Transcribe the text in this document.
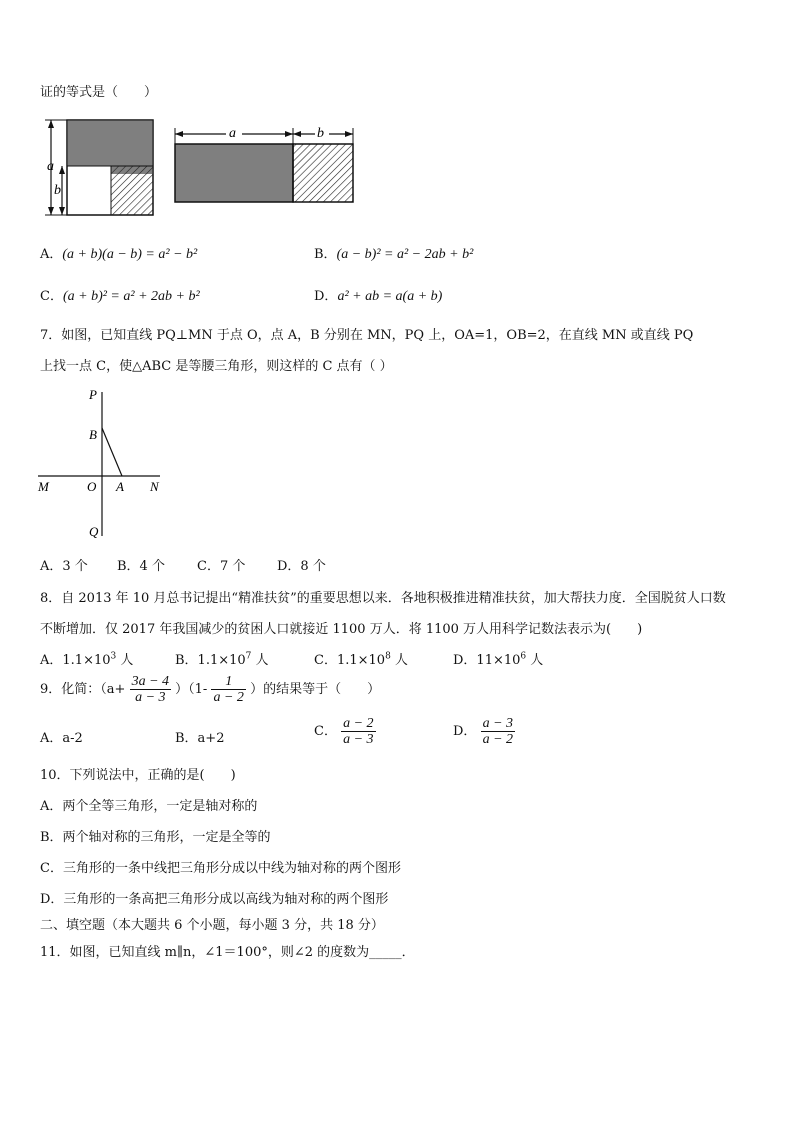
证的等式是（　　）
a
b
a	b
A．(a + b)(a − b) = a² − b²	B．(a − b)² = a² − 2ab + b²
C．(a + b)² = a² + 2ab + b²	D．a² + ab = a(a + b)
7．如图，已知直线 PQ⊥MN 于点 O，点 A，B 分别在 MN，PQ 上，OA=1，OB=2，在直线 MN 或直线 PQ
上找一点 C，使△ABC 是等腰三角形，则这样的 C 点有（ ）
P
B
M	O A N
Q
A．3 个 B．4 个 C．7 个 D．8 个
8．自 2013 年 10 月总书记提出“精准扶贫”的重要思想以来．各地积极推进精准扶贫，加大帮扶力度．全国脱贫人口数
不断增加．仅 2017 年我国减少的贫困人口就接近 1100 万人．将 1100 万人用科学记数法表示为(　　)
A．$1.1\times 10^3$ 人	B．$1.1\times 10^7$ 人	C．$1.1\times 10^8$ 人	D．$11\times 10^6$ 人
9．化简：$(a+ \frac{3a - 4}{a - 3} )(1- \frac{1}{a - 2}$ ）的结果等于（　　）
A．a-2	B．a+2	C． $\frac{a - 2}{a - 3}$	D． $\frac{a - 3}{a - 2}$
10．下列说法中，正确的是(　　)
A．两个全等三角形，一定是轴对称的
B．两个轴对称的三角形，一定是全等的
C．三角形的一条中线把三角形分成以中线为轴对称的两个图形
D．三角形的一条高把三角形分成以高线为轴对称的两个图形
二、填空题（本大题共 6 个小题，每小题 3 分，共 18 分）
11．如图，已知直线 m∥n，∠1＝100°，则∠2 的度数为_____．
